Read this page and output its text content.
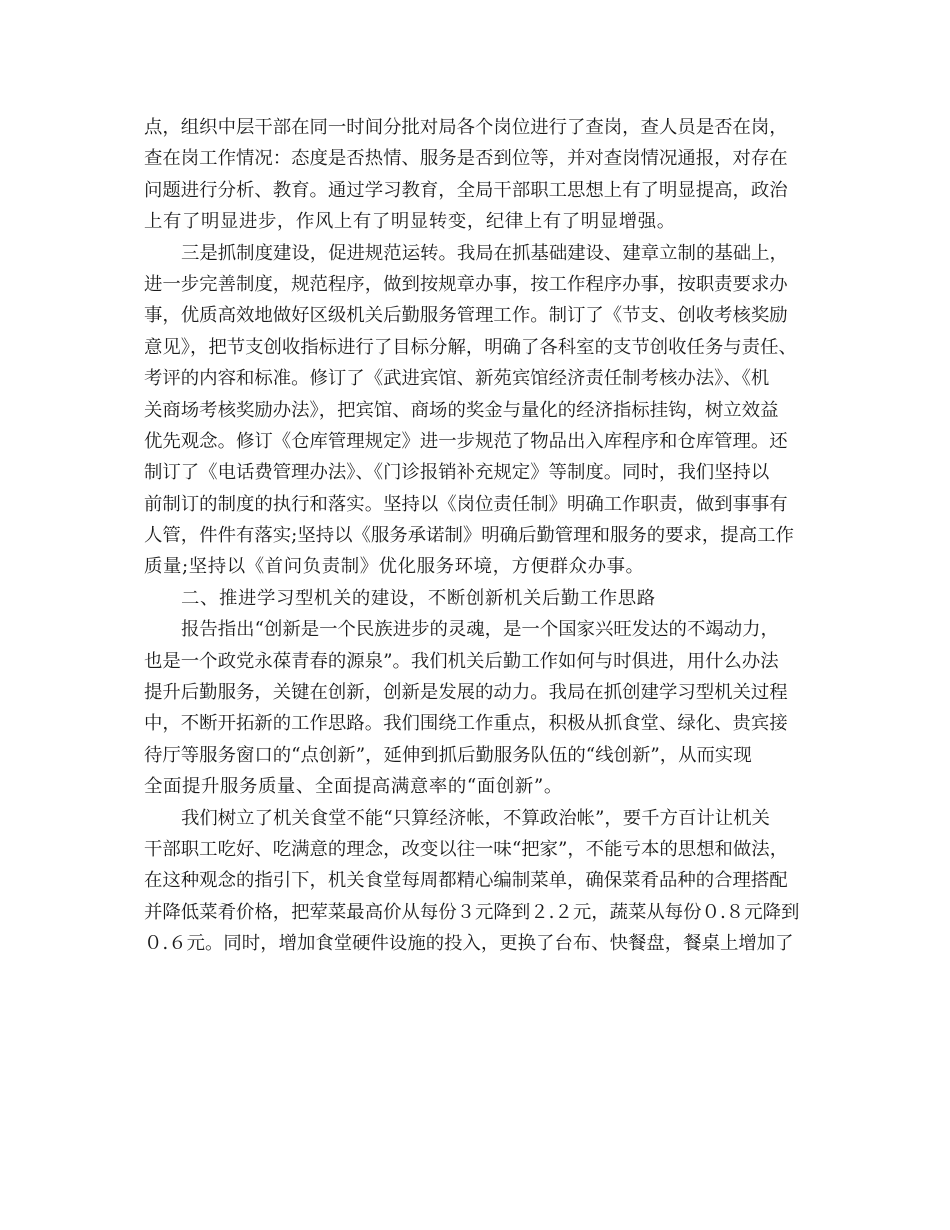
点，组织中层干部在同一时间分批对局各个岗位进行了查岗，查人员是否在岗，
查在岗工作情况：态度是否热情、服务是否到位等，并对查岗情况通报，对存在
问题进行分析、教育。通过学习教育，全局干部职工思想上有了明显提高，政治
上有了明显进步，作风上有了明显转变，纪律上有了明显增强。
三是抓制度建设，促进规范运转。我局在抓基础建设、建章立制的基础上，
进一步完善制度，规范程序，做到按规章办事，按工作程序办事，按职责要求办
事，优质高效地做好区级机关后勤服务管理工作。制订了《节支、创收考核奖励
意见》，把节支创收指标进行了目标分解，明确了各科室的支节创收任务与责任、
考评的内容和标准。修订了《武进宾馆、新苑宾馆经济责任制考核办法》、《机
关商场考核奖励办法》，把宾馆、商场的奖金与量化的经济指标挂钩，树立效益
优先观念。修订《仓库管理规定》进一步规范了物品出入库程序和仓库管理。还
制订了《电话费管理办法》、《门诊报销补充规定》等制度。同时，我们坚持以
前制订的制度的执行和落实。坚持以《岗位责任制》明确工作职责，做到事事有
人管，件件有落实;坚持以《服务承诺制》明确后勤管理和服务的要求，提高工作
质量;坚持以《首问负责制》优化服务环境，方便群众办事。
二、推进学习型机关的建设，不断创新机关后勤工作思路
报告指出“创新是一个民族进步的灵魂，是一个国家兴旺发达的不竭动力，
也是一个政党永葆青春的源泉”。我们机关后勤工作如何与时俱进，用什么办法
提升后勤服务，关键在创新，创新是发展的动力。我局在抓创建学习型机关过程
中，不断开拓新的工作思路。我们围绕工作重点，积极从抓食堂、绿化、贵宾接
待厅等服务窗口的“点创新”，延伸到抓后勤服务队伍的“线创新”，从而实现
全面提升服务质量、全面提高满意率的“面创新”。
我们树立了机关食堂不能“只算经济帐，不算政治帐”，要千方百计让机关
干部职工吃好、吃满意的理念，改变以往一味“把家”，不能亏本的思想和做法，
在这种观念的指引下，机关食堂每周都精心编制菜单，确保菜肴品种的合理搭配
并降低菜肴价格，把荤菜最高价从每份３元降到２.２元，蔬菜从每份０.８元降到
０.６元。同时，增加食堂硬件设施的投入，更换了台布、快餐盘，餐桌上增加了
